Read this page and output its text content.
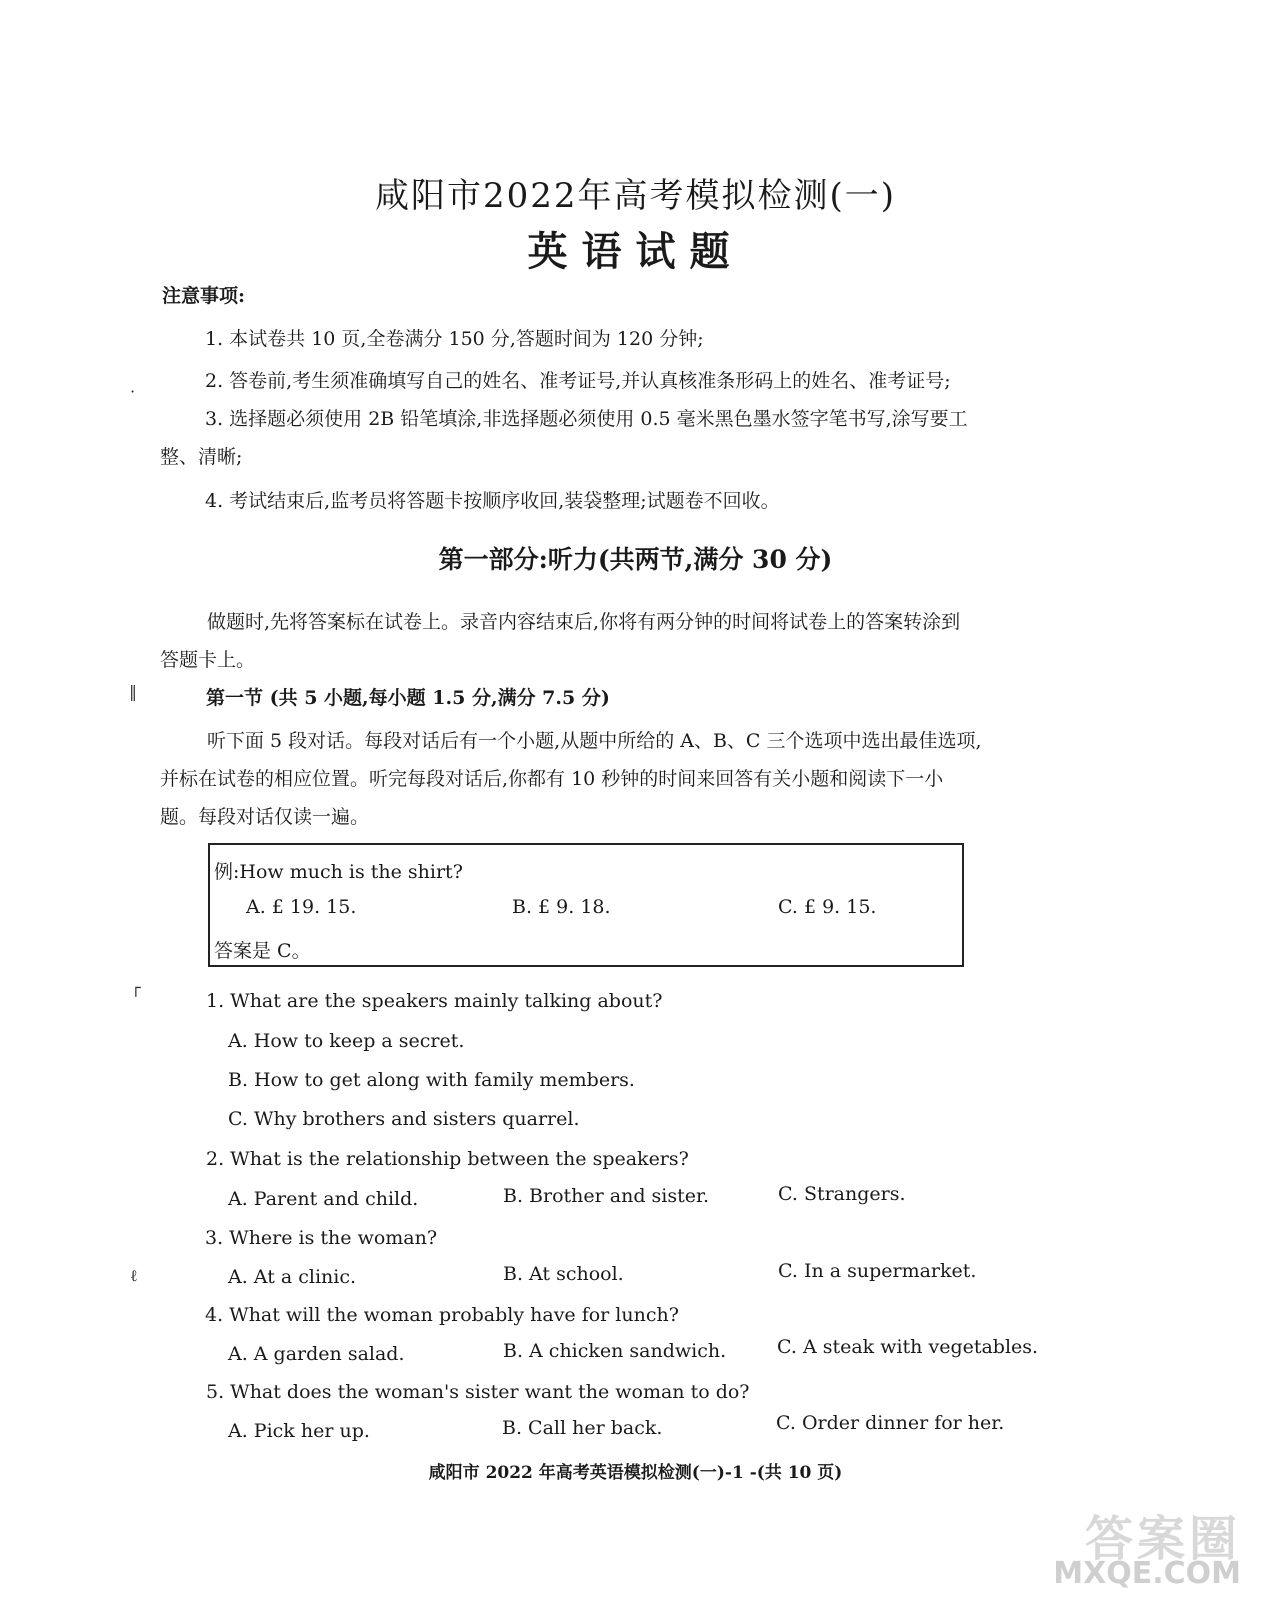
咸阳市2022年高考模拟检测(一)
英语试题
注意事项:
1. 本试卷共 10 页,全卷满分 150 分,答题时间为 120 分钟;
2. 答卷前,考生须准确填写自己的姓名、准考证号,并认真核准条形码上的姓名、准考证号;
3. 选择题必须使用 2B 铅笔填涂,非选择题必须使用 0.5 毫米黑色墨水签字笔书写,涂写要工
整、清晰;
4. 考试结束后,监考员将答题卡按顺序收回,装袋整理;试题卷不回收。
第一部分:听力(共两节,满分 30 分)
做题时,先将答案标在试卷上。录音内容结束后,你将有两分钟的时间将试卷上的答案转涂到
答题卡上。
第一节 (共 5 小题,每小题 1.5 分,满分 7.5 分)
听下面 5 段对话。每段对话后有一个小题,从题中所给的 A、B、C 三个选项中选出最佳选项,
并标在试卷的相应位置。听完每段对话后,你都有 10 秒钟的时间来回答有关小题和阅读下一小
题。每段对话仅读一遍。
例:How much is the shirt?
A. £ 19. 15.	B. £ 9. 18.	C. £ 9. 15.
答案是 C。
1. What are the speakers mainly talking about?
A. How to keep a secret.
B. How to get along with family members.
C. Why brothers and sisters quarrel.
2. What is the relationship between the speakers?
A. Parent and child.	B. Brother and sister.	C. Strangers.
3. Where is the woman?
A. At a clinic.	B. At school.	C. In a supermarket.
4. What will the woman probably have for lunch?
A. A garden salad.	B. A chicken sandwich.	C. A steak with vegetables.
5. What does the woman's sister want the woman to do?
A. Pick her up.	B. Call her back.	C. Order dinner for her.
咸阳市 2022 年高考英语模拟检测(一)-1 -(共 10 页)
·
‖
┌
ℓ
答案圈
MXQE.COM
